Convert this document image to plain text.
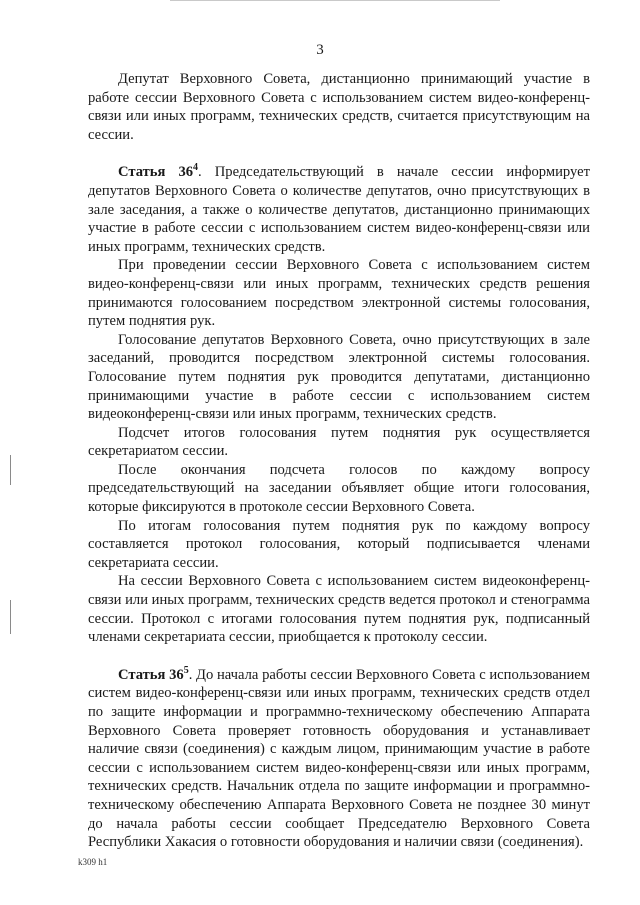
3

Депутат Верховного Совета, дистанционно принимающий участие в работе сессии Верховного Совета с использованием систем видео-конференц-связи или иных программ, технических средств, считается присутствующим на сессии.

Статья $36^4$. Председательствующий в начале сессии информирует депутатов Верховного Совета о количестве депутатов, очно присутствующих в зале заседания, а также о количестве депутатов, дистанционно принимающих участие в работе сессии с использованием систем видео-конференц-связи или иных программ, технических средств.

При проведении сессии Верховного Совета с использованием систем видео-конференц-связи или иных программ, технических средств решения принимаются голосованием посредством электронной системы голосования, путем поднятия рук.

Голосование депутатов Верховного Совета, очно присутствующих в зале заседаний, проводится посредством электронной системы голосования. Голосование путем поднятия рук проводится депутатами, дистанционно принимающими участие в работе сессии с использованием систем видеоконференц-связи или иных программ, технических средств.

Подсчет итогов голосования путем поднятия рук осуществляется секретариатом сессии.

После окончания подсчета голосов по каждому вопросу председательствующий на заседании объявляет общие итоги голосования, которые фиксируются в протоколе сессии Верховного Совета.

По итогам голосования путем поднятия рук по каждому вопросу составляется протокол голосования, который подписывается членами секретариата сессии.

На сессии Верховного Совета с использованием систем видеоконференц-связи или иных программ, технических средств ведется протокол и стенограмма сессии. Протокол с итогами голосования путем поднятия рук, подписанный членами секретариата сессии, приобщается к протоколу сессии.

Статья $36^5$. До начала работы сессии Верховного Совета с использованием систем видео-конференц-связи или иных программ, технических средств отдел по защите информации и программно-техническому обеспечению Аппарата Верховного Совета проверяет готовность оборудования и устанавливает наличие связи (соединения) с каждым лицом, принимающим участие в работе сессии с использованием систем видео-конференц-связи или иных программ, технических средств. Начальник отдела по защите информации и программно-техническому обеспечению Аппарата Верховного Совета не позднее 30 минут до начала работы сессии сообщает Председателю Верховного Совета Республики Хакасия о готовности оборудования и наличии связи (соединения).

k309 h1
